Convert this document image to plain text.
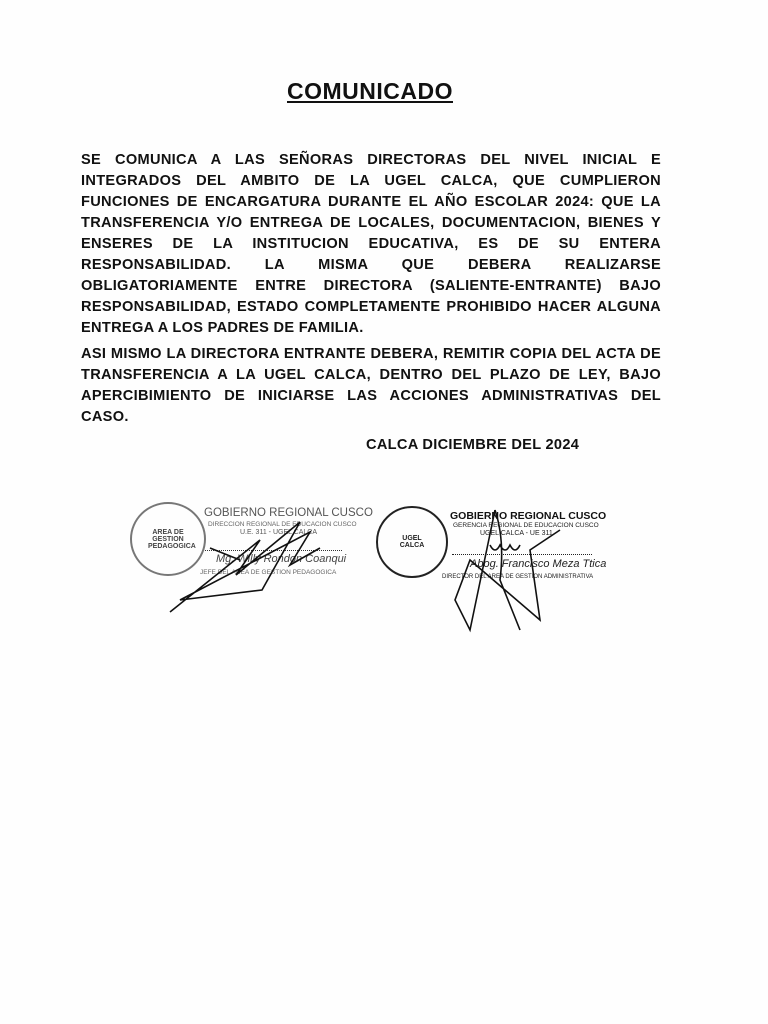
COMUNICADO
SE COMUNICA A LAS SEÑORAS DIRECTORAS DEL NIVEL INICIAL E INTEGRADOS DEL AMBITO DE LA UGEL CALCA, QUE CUMPLIERON FUNCIONES DE ENCARGATURA DURANTE EL AÑO ESCOLAR 2024: QUE LA TRANSFERENCIA Y/O ENTREGA DE LOCALES, DOCUMENTACION, BIENES Y ENSERES DE LA INSTITUCION EDUCATIVA, ES DE SU ENTERA RESPONSABILIDAD. LA MISMA QUE DEBERA REALIZARSE OBLIGATORIAMENTE ENTRE DIRECTORA (SALIENTE-ENTRANTE) BAJO RESPONSABILIDAD, ESTADO COMPLETAMENTE PROHIBIDO HACER ALGUNA ENTREGA A LOS PADRES DE FAMILIA.
ASI MISMO LA DIRECTORA ENTRANTE DEBERA, REMITIR COPIA DEL ACTA DE TRANSFERENCIA A LA UGEL CALCA, DENTRO DEL PLAZO DE LEY, BAJO APERCIBIMIENTO DE INICIARSE LAS ACCIONES ADMINISTRATIVAS DEL CASO.
CALCA DICIEMBRE DEL 2024
AREA DE GESTION PEDAGOGICA
GOBIERNO REGIONAL CUSCO
DIRECCION REGIONAL DE EDUCACION CUSCO
U.E. 311 - UGEL CALCA
Mg. Willy Rondon Coanqui
JEFE DEL AREA DE GESTION PEDAGOGICA
UGEL CALCA
GOBIERNO REGIONAL CUSCO
GERENCIA REGIONAL DE EDUCACION CUSCO
UGEL CALCA - UE 311
Abog. Francisco Meza Ttica
DIRECTOR DEL AREA DE GESTION ADMINISTRATIVA
